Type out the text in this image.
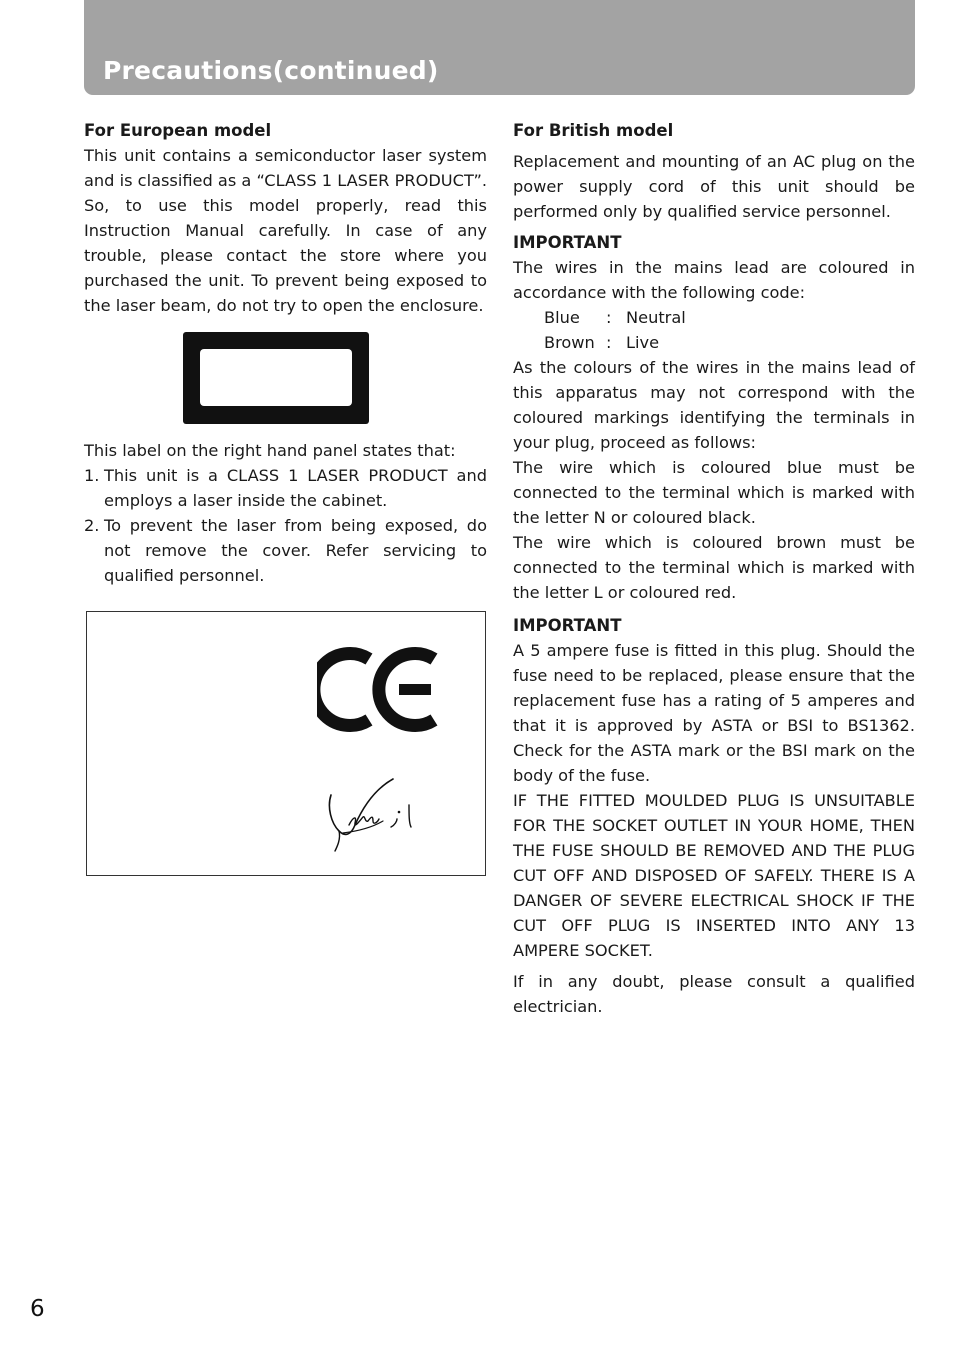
Precautions(continued)
For European model

This unit contains a semiconductor laser system and is classified as a “CLASS 1 LASER PRODUCT”. So, to use this model properly, read this Instruction Manual carefully. In case of any trouble, please contact the store where you purchased the unit. To prevent being exposed to the laser beam, do not try to open the enclosure.

This label on the right hand panel states that:

1. This unit is a CLASS 1 LASER PRODUCT and employs a laser inside the cabinet.
2. To prevent the laser from being exposed, do not remove the cover. Refer servicing to qualified personnel.
For British model

Replacement and mounting of an AC plug on the power supply cord of this unit should be performed only by qualified service personnel.

IMPORTANT

The wires in the mains lead are coloured in accordance with the following code:

Blue	:	Neutral
Brown	:	Live

As the colours of the wires in the mains lead of this apparatus may not correspond with the coloured markings identifying the terminals in your plug, proceed as follows:

The wire which is coloured blue must be connected to the terminal which is marked with the letter N or coloured black.

The wire which is coloured brown must be connected to the terminal which is marked with the letter L or coloured red.

IMPORTANT

A 5 ampere fuse is fitted in this plug. Should the fuse need to be replaced, please ensure that the replacement fuse has a rating of 5 amperes and that it is approved by ASTA or BSI to BS1362. Check for the ASTA mark or the BSI mark on the body of the fuse.

IF THE FITTED MOULDED PLUG IS UNSUITABLE FOR THE SOCKET OUTLET IN YOUR HOME, THEN THE FUSE SHOULD BE REMOVED AND THE PLUG CUT OFF AND DISPOSED OF SAFELY. THERE IS A DANGER OF SEVERE ELECTRICAL SHOCK IF THE CUT OFF PLUG IS INSERTED INTO ANY 13 AMPERE SOCKET.

If in any doubt, please consult a qualified electrician.

6
